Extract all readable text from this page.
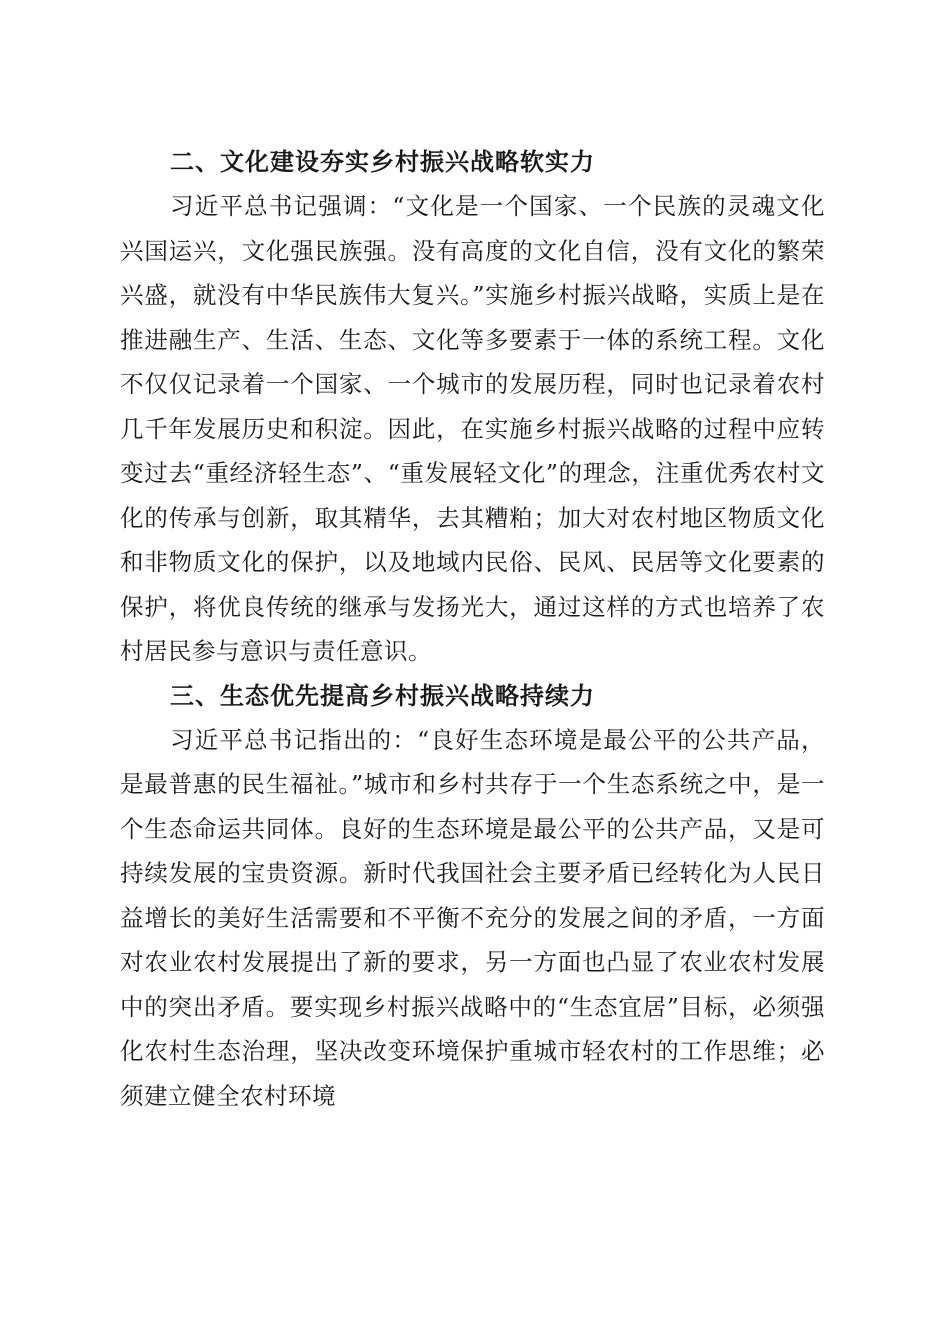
二、文化建设夯实乡村振兴战略软实力

习近平总书记强调：“文化是一个国家、一个民族的灵魂文化兴国运兴，文化强民族强。没有高度的文化自信，没有文化的繁荣兴盛，就没有中华民族伟大复兴。”实施乡村振兴战略，实质上是在推进融生产、生活、生态、文化等多要素于一体的系统工程。文化不仅仅记录着一个国家、一个城市的发展历程，同时也记录着农村几千年发展历史和积淀。因此，在实施乡村振兴战略的过程中应转变过去“重经济轻生态”、“重发展轻文化”的理念，注重优秀农村文化的传承与创新，取其精华，去其糟粕；加大对农村地区物质文化和非物质文化的保护，以及地域内民俗、民风、民居等文化要素的保护，将优良传统的继承与发扬光大，通过这样的方式也培养了农村居民参与意识与责任意识。

三、生态优先提高乡村振兴战略持续力

习近平总书记指出的：“良好生态环境是最公平的公共产品，是最普惠的民生福祉。”城市和乡村共存于一个生态系统之中，是一个生态命运共同体。良好的生态环境是最公平的公共产品，又是可持续发展的宝贵资源。新时代我国社会主要矛盾已经转化为人民日益增长的美好生活需要和不平衡不充分的发展之间的矛盾，一方面对农业农村发展提出了新的要求，另一方面也凸显了农业农村发展中的突出矛盾。要实现乡村振兴战略中的“生态宜居”目标，必须强化农村生态治理，坚决改变环境保护重城市轻农村的工作思维；必须建立健全农村环境
